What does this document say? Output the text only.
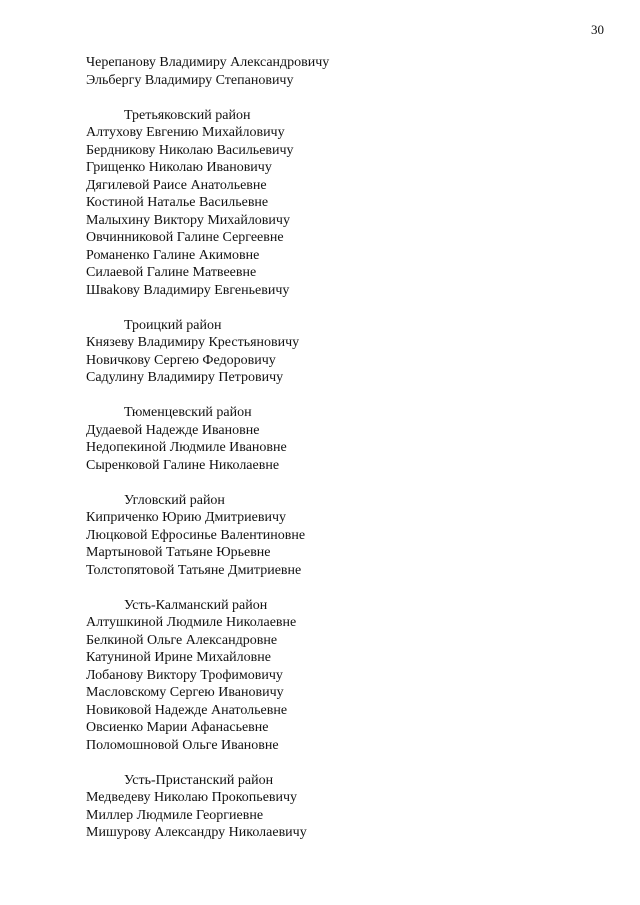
30
Черепанову Владимиру Александровичу
Эльбергу Владимиру Степановичу
Третьяковский район
Алтухову Евгению Михайловичу
Бердникову Николаю Васильевичу
Грищенко Николаю Ивановичу
Дягилевой Раисе Анатольевне
Костиной Наталье Васильевне
Малыхину Виктору Михайловичу
Овчинниковой Галине Сергеевне
Романенко Галине Акимовне
Силаевой Галине Матвеевне
Шваkову Владимиру Евгеньевичу
Троицкий район
Князеву Владимиру Крестьяновичу
Новичкову Сергею Федоровичу
Садулину Владимиру Петровичу
Тюменцевский район
Дудаевой Надежде Ивановне
Недопекиной Людмиле Ивановне
Сыренковой Галине Николаевне
Угловский район
Киприченко Юрию Дмитриевичу
Люцковой Ефросинье Валентиновне
Мартыновой Татьяне Юрьевне
Толстопятовой Татьяне Дмитриевне
Усть-Калманский район
Алтушкиной Людмиле Николаевне
Белкиной Ольге Александровне
Катуниной Ирине Михайловне
Лобанову Виктору Трофимовичу
Масловскому Сергею Ивановичу
Новиковой Надежде Анатольевне
Овсиенко Марии Афанасьевне
Поломошновой Ольге Ивановне
Усть-Пристанский район
Медведеву Николаю Прокопьевичу
Миллер Людмиле Георгиевне
Мишурову Александру Николаевичу
